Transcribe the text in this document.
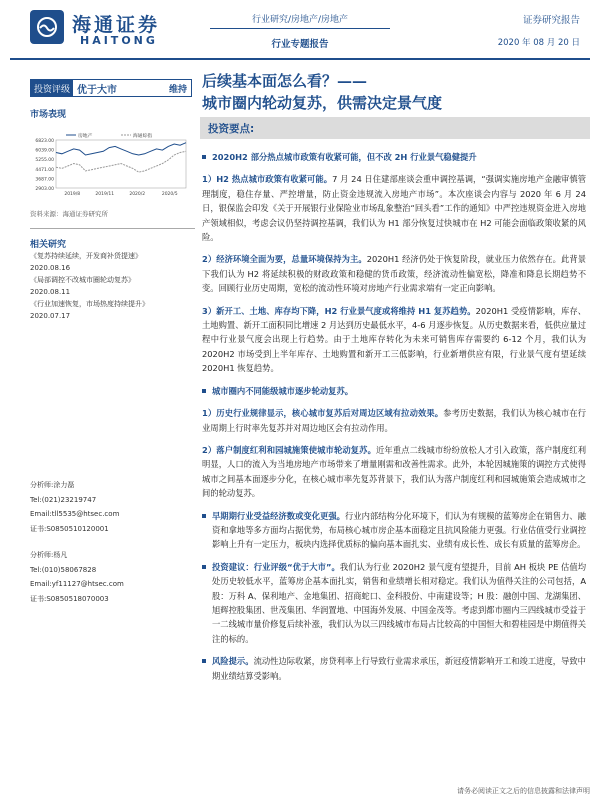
海通证券
HAITONG
行业研究/房地产/房地产
行业专题报告
证券研究报告
2020 年 08 月 20 日
投资评级 优于大市	维持
市场表现
6823.00
6039.00
5255.00
4471.00
3687.00
2903.00
2019/8	2019/11	2020/2	2020/5
房地产	海通综指
资料来源：海通证券研究所
相关研究
《复苏持续延续，开发商补货提速》
2020.08.16
《局部调控不改城市圈轮动复苏》
2020.08.11
《行业加速恢复，市场热度持续提升》
2020.07.17
分析师:涂力磊
Tel:(021)23219747
Email:tll5535@htsec.com
证书:S0850510120001
分析师:杨凡
Tel:(010)58067828
Email:yf11127@htsec.com
证书:S0850518070003
后续基本面怎么看？——
城市圈内轮动复苏，供需决定景气度
投资要点:
2020H2 部分热点城市政策有收紧可能，但不改 2H 行业景气稳健提升
1）H2 热点城市政策有收紧可能。7 月 24 日住建部座谈会重申调控基调，“强调实施房地产金融审慎管理制度，稳住存量、严控增量，防止资金违规流入房地产市场”。本次座谈会内容与 2020 年 6 月 24 日，银保监会印发《关于开展银行业保险业市场乱象整治“回头看”工作的通知》中严控违规资金进入房地产领域相似，考虑会议仍坚持调控基调，我们认为 H1 部分恢复过快城市在 H2 可能会面临政策收紧的风险。
2）经济环境全面为要，总量环境保持为主。2020H1 经济仍处于恢复阶段，就业压力依然存在。此背景下我们认为 H2 将延续积极的财政政策和稳健的货币政策，经济流动性偏宽松，降准和降息长期趋势不变。回顾行业历史周期，宽松的流动性环境对房地产行业需求端有一定正向影响。
3）新开工、土地、库存均下降，H2 行业景气度或将维持 H1 复苏趋势。2020H1 受疫情影响，库存、土地购置、新开工面积同比增速 2 月达到历史最低水平，4-6 月逐步恢复。从历史数据来看，低供应量过程中行业景气度会出现上行趋势。由于土地库存转化为未来可销售库存需要约 6-12 个月，我们认为 2020H2 市场受到上半年库存、土地购置和新开工三低影响，行业新增供应有限，行业景气度有望延续 2020H1 恢复趋势。
城市圈内不同能级城市逐步轮动复苏。
1）历史行业规律显示，核心城市复苏后对周边区域有拉动效果。参考历史数据，我们认为核心城市在行业周期上行时率先复苏并对周边地区会有拉动作用。
2）落户制度红利和园城施策使城市轮动复苏。近年重点二线城市纷纷放松人才引入政策，落户制度红利明显，人口的流入为当地房地产市场带来了增量刚需和改善性需求。此外，本轮因城施策的调控方式使得城市之间基本面逐步分化，在核心城市率先复苏背景下，我们认为落户制度红利和园城施策会造成城市之间的轮动复苏。
早期期行业受益经济数或变化更强。行业内部结构分化环境下，们认为有规模的蓝筹房企在销售力、融资和拿地等多方面均占据优势，布局核心城市房企基本面稳定且抗风险能力更强。行业估值受行业调控影响上升有一定压力，板块内选择优质标的偏向基本面扎实、业绩有成长性、成长有质量的蓝筹房企。
投资建议：行业评级“优于大市”。我们认为行业 2020H2 景气度有望提升，目前 AH 板块 PE 估值均处历史较低水平，蓝筹房企基本面扎实，销售和业绩增长相对稳定。我们认为值得关注的公司包括，A 股：万科 A、保利地产、金地集团、招商蛇口、金科股份、中南建设等；H 股：融创中国、龙湖集团、旭辉控股集团、世茂集团、华润置地、中国海外发展、中国金茂等。考虑到都市圈内三四线城市受益于一二线城市量价修复后续补涨，我们认为以三四线城市布局占比较高的中国恒大和碧桂园是中期值得关注的标的。
风险提示。流动性边际收紧，房贷利率上行导致行业需求承压，新冠疫情影响开工和竣工进度，导致中期业绩结算受影响。
请务必阅读正文之后的信息披露和法律声明
